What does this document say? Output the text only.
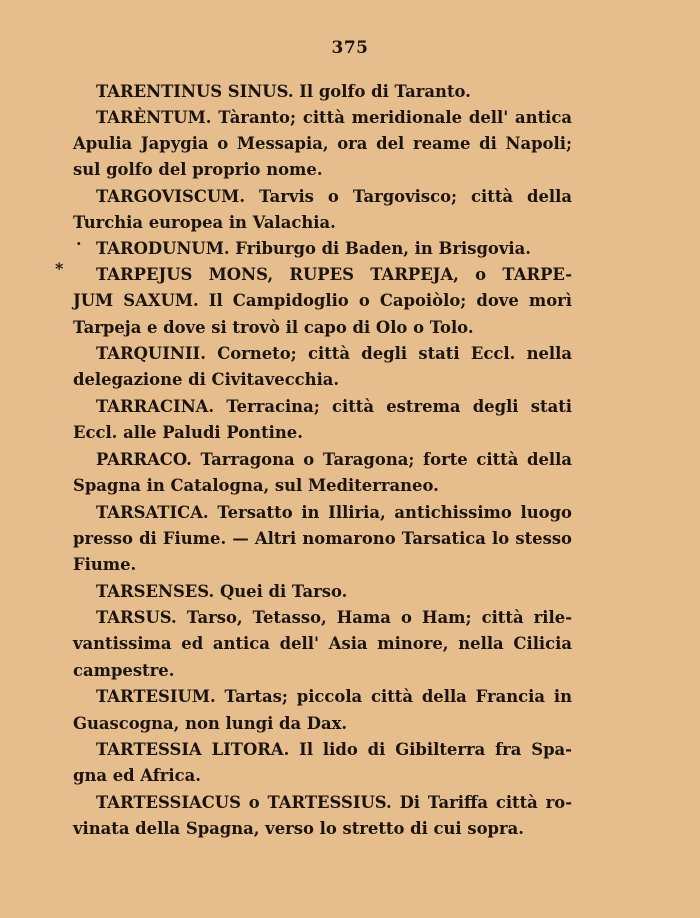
375
·
*
TARENTINUS SINUS. Il golfo di Taranto.
TARÈNTUM. Tàranto; città meridionale dell' antica
Apulia Japygia o Messapia, ora del reame di Napoli;
sul golfo del proprio nome.
TARGOVISCUM. Tarvis o Targovisco; città della
Turchia europea in Valachia.
TARODUNUM. Friburgo di Baden, in Brisgovia.
TARPEJUS MONS, RUPES TARPEJA, o TARPE-
JUM SAXUM. Il Campidoglio o Capoiòlo; dove morì
Tarpeja e dove si trovò il capo di Olo o Tolo.
TARQUINII. Corneto; città degli stati Eccl. nella
delegazione di Civitavecchia.
TARRACINA. Terracina; città estrema degli stati
Eccl. alle Paludi Pontine.
PARRACO. Tarragona o Taragona; forte città della
Spagna in Catalogna, sul Mediterraneo.
TARSATICA. Tersatto in Illiria, antichissimo luogo
presso di Fiume. — Altri nomarono Tarsatica lo stesso
Fiume.
TARSENSES. Quei di Tarso.
TARSUS. Tarso, Tetasso, Hama o Ham; città rile-
vantissima ed antica dell' Asia minore, nella Cilicia
campestre.
TARTESIUM. Tartas; piccola città della Francia in
Guascogna, non lungi da Dax.
TARTESSIA LITORA. Il lido di Gibilterra fra Spa-
gna ed Africa.
TARTESSIACUS o TARTESSIUS. Di Tariffa città ro-
vinata della Spagna, verso lo stretto di cui sopra.
